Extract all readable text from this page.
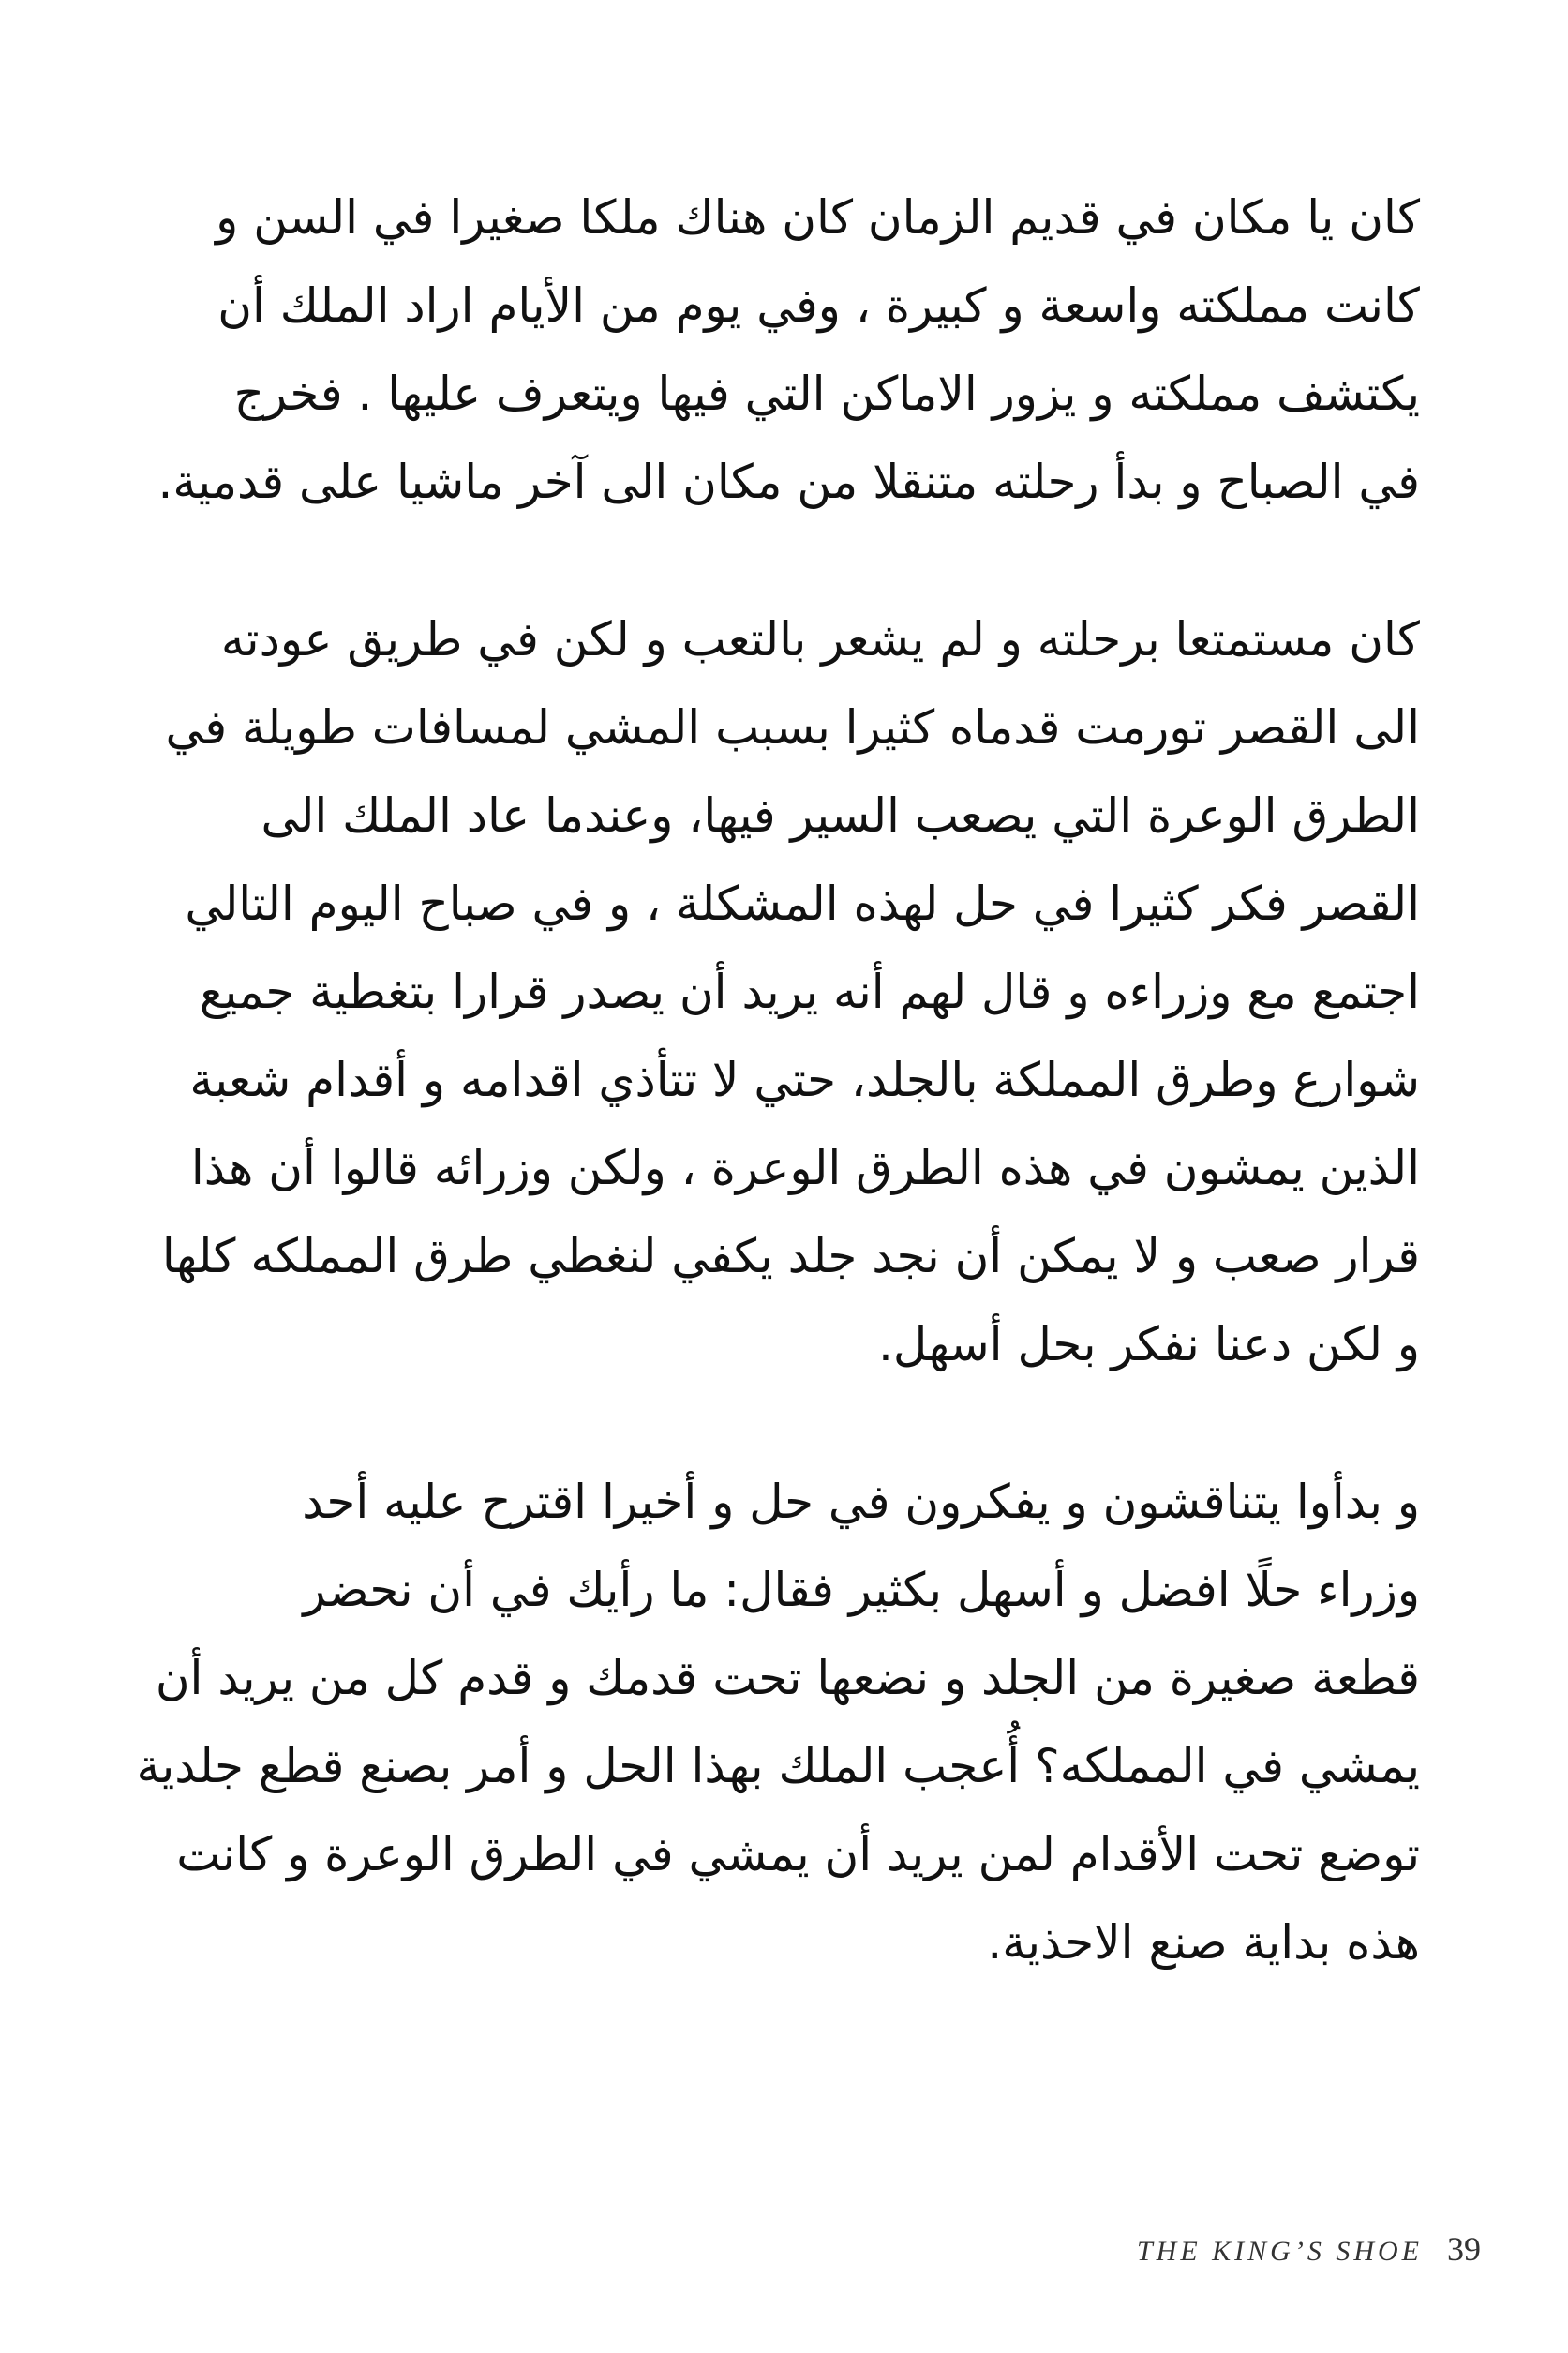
كان يا مكان في قديم الزمان كان هناك ملكا صغيرا في السن و
كانت مملكته واسعة و كبيرة ، وفي يوم من الأيام اراد الملك أن
يكتشف مملكته و يزور الاماكن التي فيها ويتعرف عليها . فخرج
في الصباح و بدأ رحلته متنقلا من مكان الى آخر ماشيا على قدمية.
كان مستمتعا برحلته و لم يشعر بالتعب و لكن في طريق عودته
الى القصر تورمت قدماه كثيرا بسبب المشي لمسافات طويلة في
الطرق الوعرة التي يصعب السير فيها، وعندما عاد الملك الى
القصر فكر كثيرا في حل لهذه المشكلة ، و في صباح اليوم التالي
اجتمع مع وزراءه و قال لهم أنه يريد أن يصدر قرارا بتغطية جميع
شوارع وطرق المملكة بالجلد، حتي لا تتأذي اقدامه و أقدام شعبة
الذين يمشون في هذه الطرق الوعرة ، ولكن وزرائه قالوا أن هذا
قرار صعب و لا يمكن أن نجد جلد يكفي لنغطي طرق المملكه كلها
و لكن دعنا نفكر بحل أسهل.
و بدأوا يتناقشون و يفكرون في حل و أخيرا اقترح عليه أحد
وزراء حلًا افضل و أسهل بكثير فقال: ما رأيك في أن نحضر
قطعة صغيرة من الجلد و نضعها تحت قدمك و قدم كل من يريد أن
يمشي في المملكه؟ أُعجب الملك بهذا الحل و أمر بصنع قطع جلدية
توضع تحت الأقدام لمن يريد أن يمشي في الطرق الوعرة و كانت
هذه بداية صنع الاحذية.
THE KING’S SHOE 39
